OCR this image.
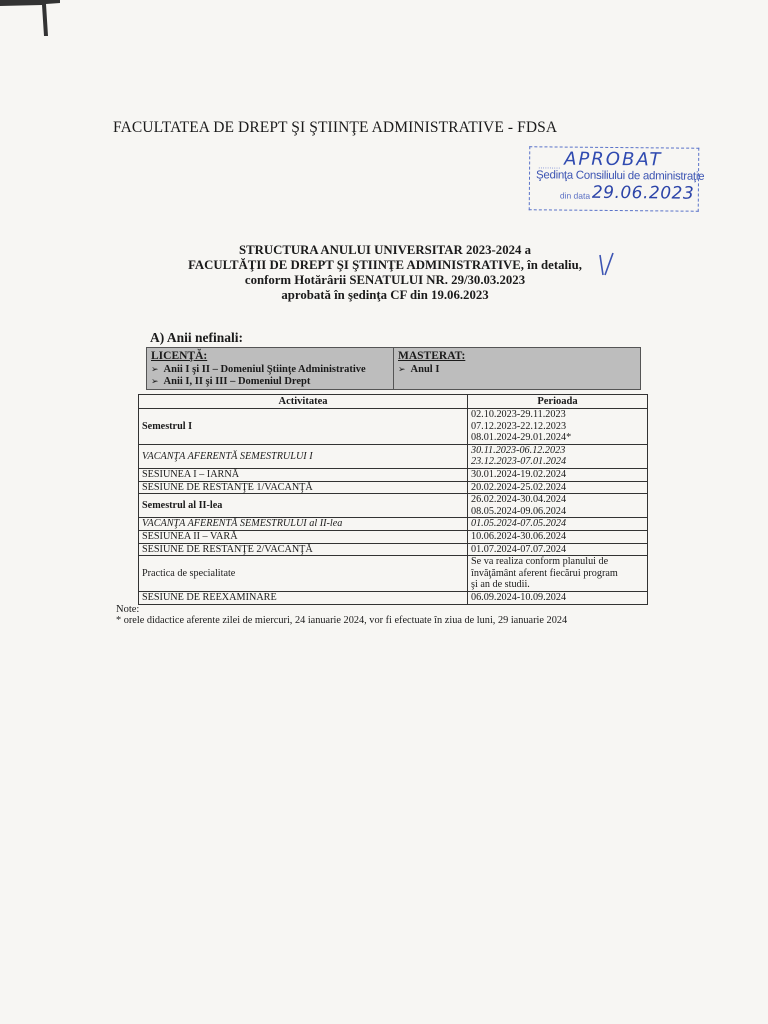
FACULTATEA DE DREPT ŞI ŞTIINŢE ADMINISTRATIVE - FDSA
.......... APROBAT
Şedinţa Consiliului de administraţie
din data 29.06.2023
STRUCTURA ANULUI UNIVERSITAR 2023-2024 a
FACULTĂŢII DE DREPT ŞI ŞTIINŢE ADMINISTRATIVE, în detaliu,
conform Hotărârii SENATULUI NR. 29/30.03.2023
aprobată în şedinţa CF din 19.06.2023
A) Anii nefinali:
LICENŢĂ:
➢ Anii I şi II – Domeniul Ştiinţe Administrative
➢ Anii I, II şi III – Domeniul Drept
MASTERAT:
➢ Anul I
Activitatea	Perioada
Semestrul I	02.10.2023-29.11.2023
07.12.2023-22.12.2023
08.01.2024-29.01.2024*

VACANŢA AFERENTĂ SEMESTRULUI I	30.11.2023-06.12.2023
23.12.2023-07.01.2024

SESIUNEA I – IARNĂ	30.01.2024-19.02.2024

SESIUNE DE RESTANŢE 1/VACANŢĂ	20.02.2024-25.02.2024

Semestrul al II-lea	26.02.2024-30.04.2024
08.05.2024-09.06.2024

VACANŢA AFERENTĂ SEMESTRULUI al II-lea	01.05.2024-07.05.2024

SESIUNEA II – VARĂ	10.06.2024-30.06.2024

SESIUNE DE RESTANŢE 2/VACANŢĂ	01.07.2024-07.07.2024

Practica de specialitate	Se va realiza conform planului de
învăţământ aferent fiecărui program
şi an de studii.

SESIUNE DE REEXAMINARE	06.09.2024-10.09.2024
Note:
* orele didactice aferente zilei de miercuri, 24 ianuarie 2024, vor fi efectuate în ziua de luni, 29 ianuarie 2024
